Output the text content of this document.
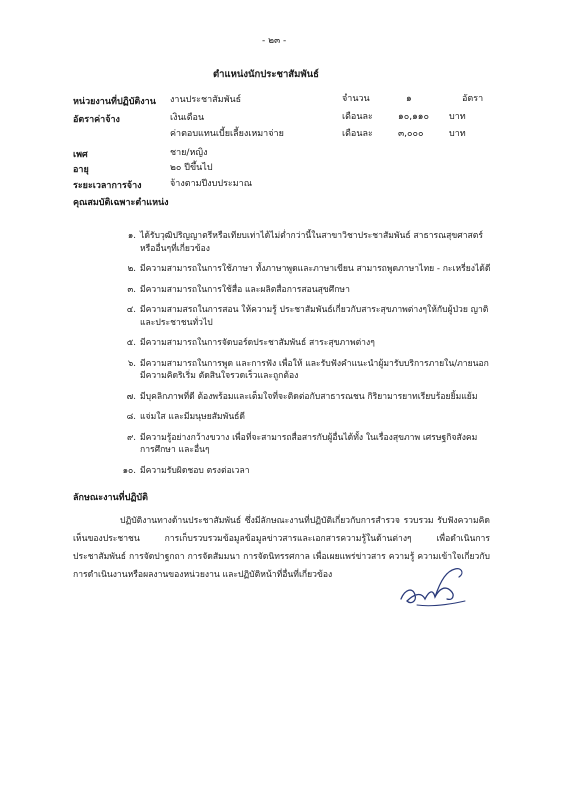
- ๒๓ -
ตำแหน่งนักประชาสัมพันธ์
หน่วยงานที่ปฏิบัติงาน งานประชาสัมพันธ์	จำนวน	๑	อัตรา
อัตราค่าจ้าง	เงินเดือน	เดือนละ	๑๐,๑๑๐ บาท
ค่าตอบแทนเบี้ยเลี้ยงเหมาจ่าย	เดือนละ	๓,๐๐๐	บาท
เพศ	ชาย/หญิง
อายุ	๒๐ ปีขึ้นไป
ระยะเวลาการจ้าง	จ้างตามปีงบประมาณ
คุณสมบัติเฉพาะตำแหน่ง
๑. ได้รับวุฒิปริญญาตรีหรือเทียบเท่าได้ไม่ต่ำกว่านี้ในสาขาวิชาประชาสัมพันธ์ สาธารณสุขศาสตร์ หรืออื่นๆที่เกี่ยวข้อง
๒. มีความสามารถในการใช้ภาษา ทั้งภาษาพูดและภาษาเขียน สามารถพูดภาษาไทย - กะเหรี่ยงได้ดี
๓. มีความสามารถในการใช้สื่อ และผลิตสื่อการสอนสุขศึกษา
๔. มีความสามสรถในการสอน ให้ความรู้ ประชาสัมพันธ์เกี่ยวกับสาระสุขภาพต่างๆให้กับผู้ป่วย ญาติ และประชาชนทั่วไป
๕. มีความสามารถในการจัดบอร์ดประชาสัมพันธ์ สาระสุขภาพต่างๆ
๖. มีความสามารถในการพูด และการฟัง เพื่อให้ และรับฟังคำแนะนำผู้มารับบริการภายใน/ภายนอก มีความคิดริเริ่ม ตัดสินใจรวดเร็วและถูกต้อง
๗. มีบุคลิกภาพที่ดี ต้องพร้อมและเต็มใจที่จะติดต่อกับสาธารณชน กิริยามารยาทเรียบร้อยยิ้มแย้ม
๘. แจ่มใส และมีมนุษยสัมพันธ์ดี
๙. มีความรู้อย่างกว้างขวาง เพื่อที่จะสามารถสื่อสารกับผู้อื่นได้ทั้ง ในเรื่องสุขภาพ เศรษฐกิจสังคม การศึกษา และอื่นๆ
๑๐. มีความรับผิดชอบ ตรงต่อเวลา
ลักษณะงานที่ปฏิบัติ
ปฏิบัติงานทางด้านประชาสัมพันธ์ ซึ่งมีลักษณะงานที่ปฏิบัติเกี่ยวกับการสำรวจ รวบรวม รับฟังความคิดเห็นของประชาชน การเก็บรวบรวมข้อมูลข้อมูลข่าวสารและเอกสารความรู้ในด้านต่างๆ เพื่อดำเนินการประชาสัมพันธ์ การจัดปาฐกถา การจัดสัมมนา การจัดนิทรรศกาล เพื่อเผยแพร่ข่าวสาร ความรู้ ความเข้าใจเกี่ยวกับการดำเนินงานหรือผลงานของหน่วยงาน และปฏิบัติหน้าที่อื่นที่เกี่ยวข้อง
